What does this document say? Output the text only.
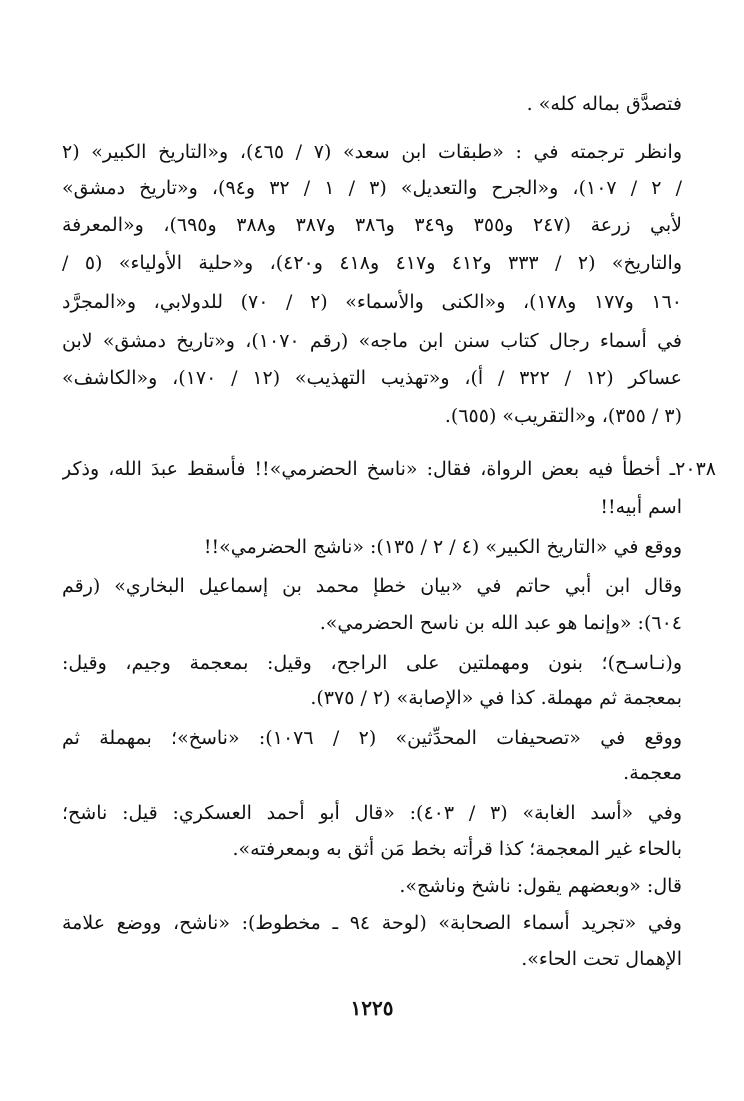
فتصدَّق بماله كله» .
وانظر ترجمته في : «طبقات ابن سعد» (٧ / ٤٦٥)، و«التاريخ الكبير» (٢
/ ٢ / ١٠٧)، و«الجرح والتعديل» (٣ / ١ / ٣٢ و٩٤)، و«تاريخ دمشق»
لأبي زرعة (٢٤٧ و٣٥٥ و٣٤٩ و٣٨٦ و٣٨٧ و٣٨٨ و٦٩٥)، و«المعرفة
والتاريخ» (٢ / ٣٣٣ و٤١٢ و٤١٧ و٤١٨ و٤٢٠)، و«حلية الأولياء» (٥ /
١٦٠ و١٧٧ و١٧٨)، و«الكنى والأسماء» (٢ / ٧٠) للدولابي، و«المجرَّد
في أسماء رجال كتاب سنن ابن ماجه» (رقم ١٠٧٠)، و«تاريخ دمشق» لابن
عساكر (١٢ / ٣٢٢ / أ)، و«تهذيب التهذيب» (١٢ / ١٧٠)، و«الكاشف»
(٣ / ٣٥٥)، و«التقريب» (٦٥٥).
٢٠٣٨ـ أخطأ فيه بعض الرواة، فقال: «ناسخ الحضرمي»!! فأسقط عبدَ الله، وذكر
اسم أبيه!!
ووقع في «التاريخ الكبير» (٤ / ٢ / ١٣٥): «ناشج الحضرمي»!!
وقال ابن أبي حاتم في «بيان خطإ محمد بن إسماعيل البخاري» (رقم
٦٠٤): «وإنما هو عبد الله بن ناسح الحضرمي».
و(نـاسـح)؛ بنون ومهملتين على الراجح، وقيل: بمعجمة وجيم، وقيل:
بمعجمة ثم مهملة. كذا في «الإصابة» (٢ / ٣٧٥).
ووقع في «تصحيفات المحدِّثين» (٢ / ١٠٧٦): «ناسخ»؛ بمهملة ثم
معجمة.
وفي «أسد الغابة» (٣ / ٤٠٣): «قال أبو أحمد العسكري: قيل: ناشح؛
بالحاء غير المعجمة؛ كذا قرأته بخط مَن أثق به وبمعرفته».
قال: «وبعضهم يقول: ناشخ وناشج».
وفي «تجريد أسماء الصحابة» (لوحة ٩٤ ـ مخطوط): «ناشح، ووضع علامة
الإهمال تحت الحاء».
١٢٢٥
